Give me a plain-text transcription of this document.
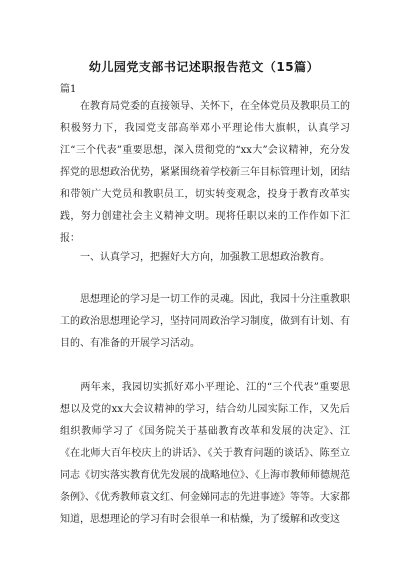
幼儿园党支部书记述职报告范文（15篇）
篇1

在教育局党委的直接领导、关怀下，在全体党员及教职员工的积极努力下，我园党支部高举邓小平理论伟大旗帜，认真学习江“三个代表”重要思想，深入贯彻党的“xx大”会议精神，充分发挥党的思想政治优势，紧紧围绕着学校新三年目标管理计划，团结和带领广大党员和教职员工，切实转变观念，投身于教育改革实践，努力创建社会主义精神文明。现将任职以来的工作作如下汇报：

一、认真学习，把握好大方向，加强教工思想政治教育。

思想理论的学习是一切工作的灵魂。因此，我园十分注重教职工的政治思想理论学习，坚持同周政治学习制度，做到有计划、有目的、有准备的开展学习活动。

两年来，我园切实抓好邓小平理论、江的“三个代表”重要思想以及党的xx大会议精神的学习，结合幼儿园实际工作，又先后组织教师学习了《国务院关于基础教育改革和发展的决定》、江《在北师大百年校庆上的讲话》、《关于教育问题的谈话》、陈至立同志《切实落实教育优先发展的战略地位》、《上海市教师师德规范条例》、《优秀教师袁文红、何金娣同志的先进事迹》等等。大家都知道，思想理论的学习有时会很单一和枯燥，为了缓解和改变这
